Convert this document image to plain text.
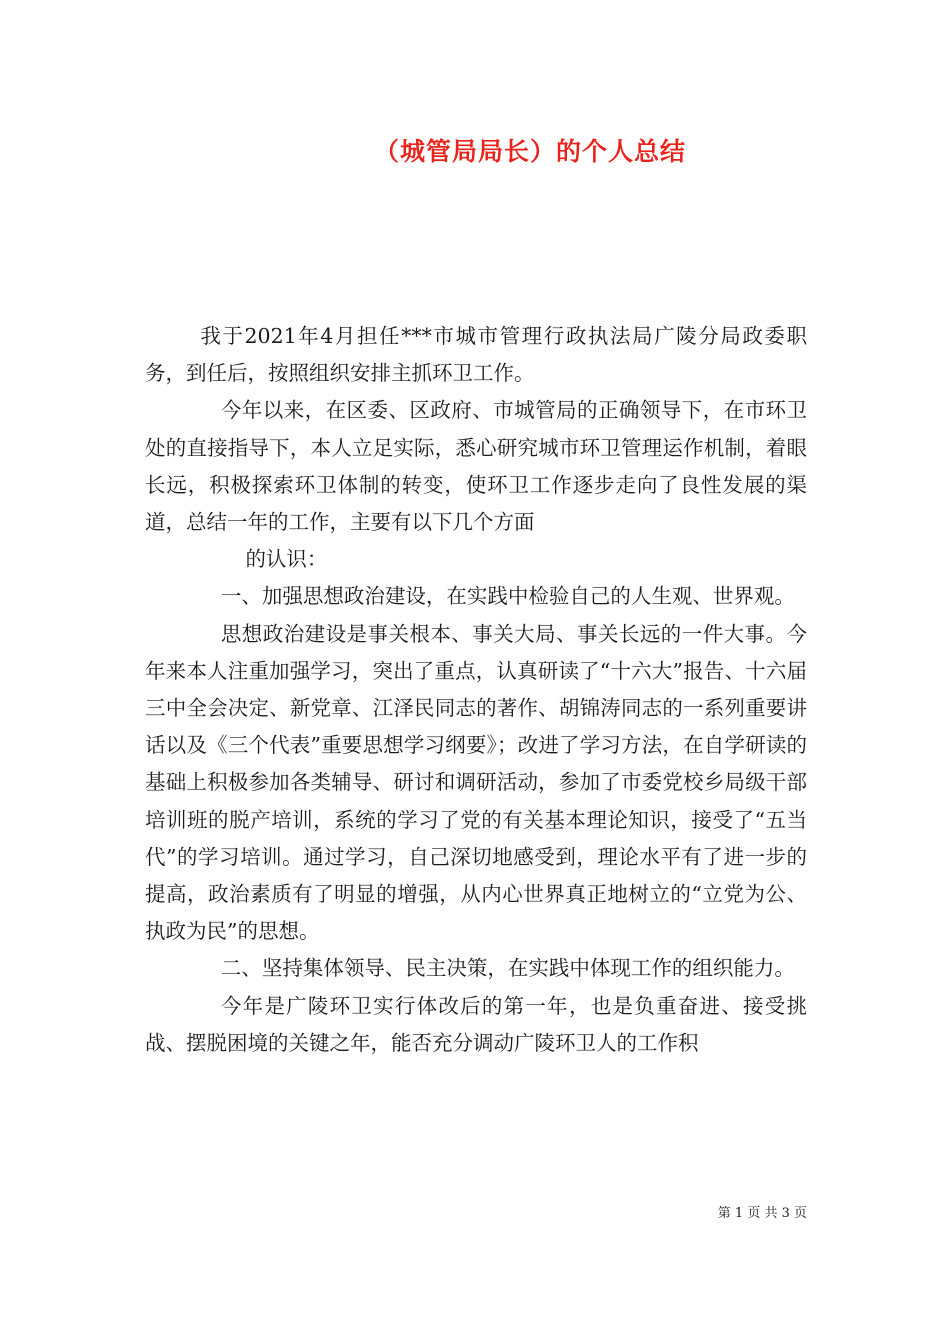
（城管局局长）的个人总结

我于2021年4月担任***市城市管理行政执法局广陵分局政委职务，到任后，按照组织安排主抓环卫工作。

今年以来，在区委、区政府、市城管局的正确领导下，在市环卫处的直接指导下，本人立足实际，悉心研究城市环卫管理运作机制，着眼长远，积极探索环卫体制的转变，使环卫工作逐步走向了良性发展的渠道，总结一年的工作，主要有以下几个方面

的认识：

一、加强思想政治建设，在实践中检验自己的人生观、世界观。

思想政治建设是事关根本、事关大局、事关长远的一件大事。今年来本人注重加强学习，突出了重点，认真研读了“十六大”报告、十六届三中全会决定、新党章、江泽民同志的著作、胡锦涛同志的一系列重要讲话以及《三个代表”重要思想学习纲要》；改进了学习方法，在自学研读的基础上积极参加各类辅导、研讨和调研活动，参加了市委党校乡局级干部培训班的脱产培训，系统的学习了党的有关基本理论知识，接受了“五当代”的学习培训。通过学习，自己深切地感受到，理论水平有了进一步的提高，政治素质有了明显的增强，从内心世界真正地树立的“立党为公、执政为民”的思想。

二、坚持集体领导、民主决策，在实践中体现工作的组织能力。

今年是广陵环卫实行体改后的第一年，也是负重奋进、接受挑战、摆脱困境的关键之年，能否充分调动广陵环卫人的工作积

第 1 页 共 3 页
